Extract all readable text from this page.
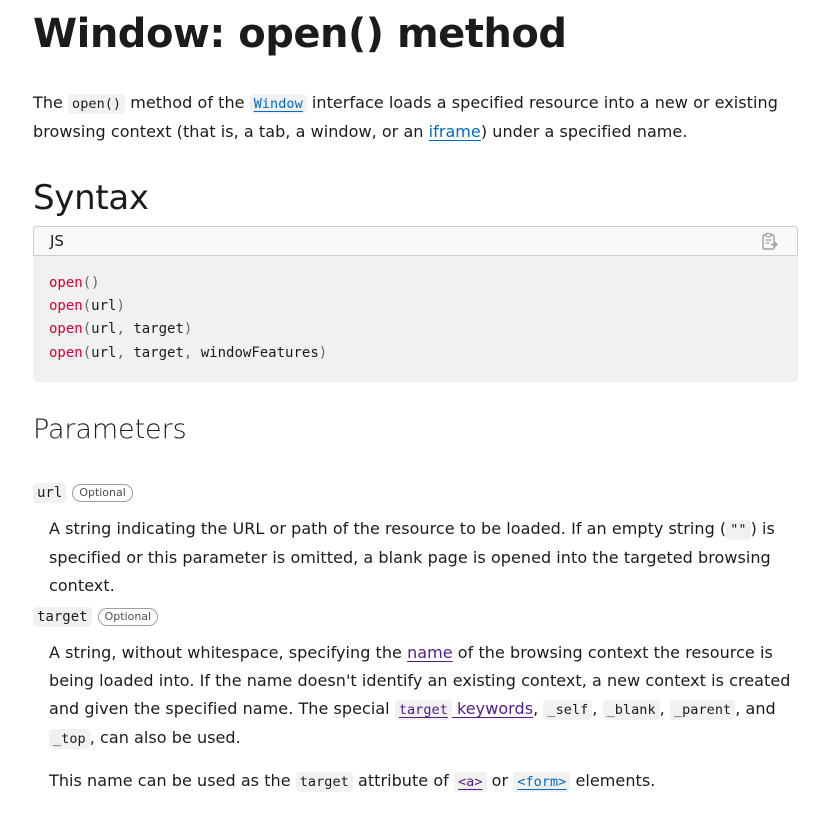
Window: open() method

The open() method of the Window interface loads a specified resource into a new or existing browsing context (that is, a tab, a window, or an iframe) under a specified name.

Syntax
JS
open()
open(url)
open(url, target)
open(url, target, windowFeatures)
Parameters
url	Optional

A string indicating the URL or path of the resource to be loaded. If an empty string ( "" ) is specified or this parameter is omitted, a blank page is opened into the targeted browsing context.

target	Optional

A string, without whitespace, specifying the name of the browsing context the resource is being loaded into. If the name doesn't identify an existing context, a new context is created and given the specified name. The special target keywords, _self , _blank , _parent , and _top , can also be used.

This name can be used as the target attribute of <a> or <form> elements.
